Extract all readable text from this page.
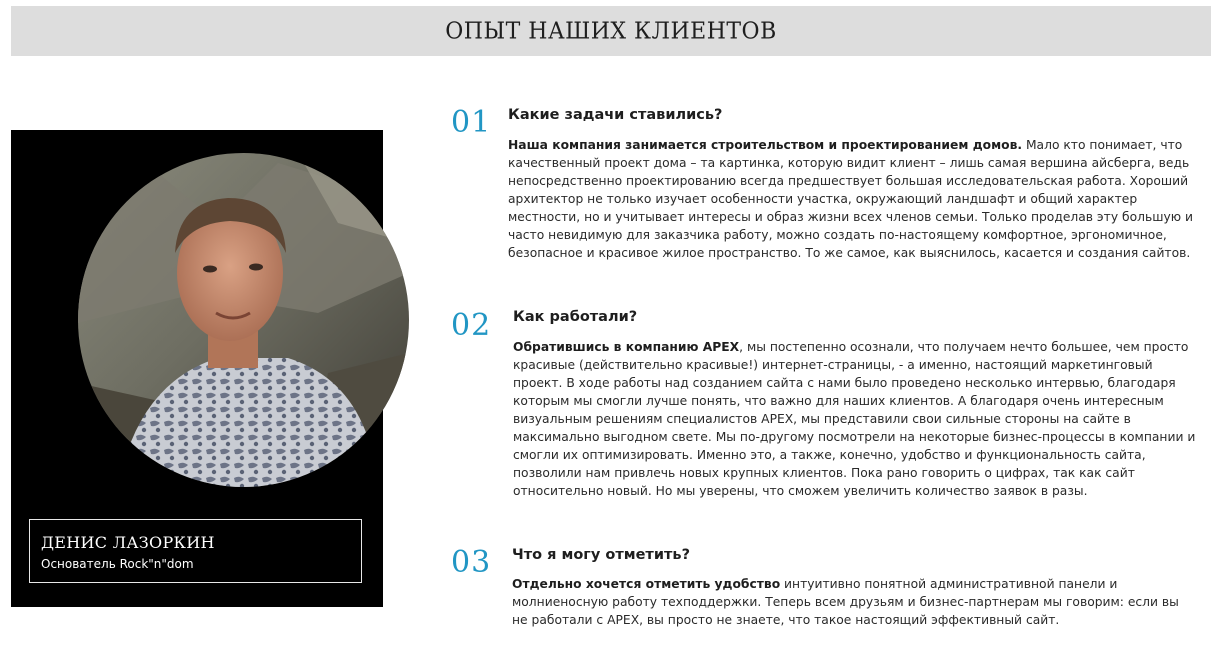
ОПЫТ НАШИХ КЛИЕНТОВ
ДЕНИС ЛАЗОРКИН
Основатель Rock"n"dom
01 Какие задачи ставились?
Наша компания занимается строительством и проектированием домов. Мало кто понимает, что качественный проект дома – та картинка, которую видит клиент – лишь самая вершина айсберга, ведь непосредственно проектированию всегда предшествует большая исследовательская работа. Хороший архитектор не только изучает особенности участка, окружающий ландшафт и общий характер местности, но и учитывает интересы и образ жизни всех членов семьи. Только проделав эту большую и часто невидимую для заказчика работу, можно создать по-настоящему комфортное, эргономичное, безопасное и красивое жилое пространство. То же самое, как выяснилось, касается и создания сайтов.
02 Как работали?
Обратившись в компанию APEX, мы постепенно осознали, что получаем нечто большее, чем просто красивые (действительно красивые!) интернет-страницы, - а именно, настоящий маркетинговый проект. В ходе работы над созданием сайта с нами было проведено несколько интервью, благодаря которым мы смогли лучше понять, что важно для наших клиентов. А благодаря очень интересным визуальным решениям специалистов APEX, мы представили свои сильные стороны на сайте в максимально выгодном свете. Мы по-другому посмотрели на некоторые бизнес-процессы в компании и смогли их оптимизировать. Именно это, а также, конечно, удобство и функциональность сайта, позволили нам привлечь новых крупных клиентов. Пока рано говорить о цифрах, так как сайт относительно новый. Но мы уверены, что сможем увеличить количество заявок в разы.
03 Что я могу отметить?
Отдельно хочется отметить удобство интуитивно понятной административной панели и молниеносную работу техподдержки. Теперь всем друзьям и бизнес-партнерам мы говорим: если вы не работали с APEX, вы просто не знаете, что такое настоящий эффективный сайт.
